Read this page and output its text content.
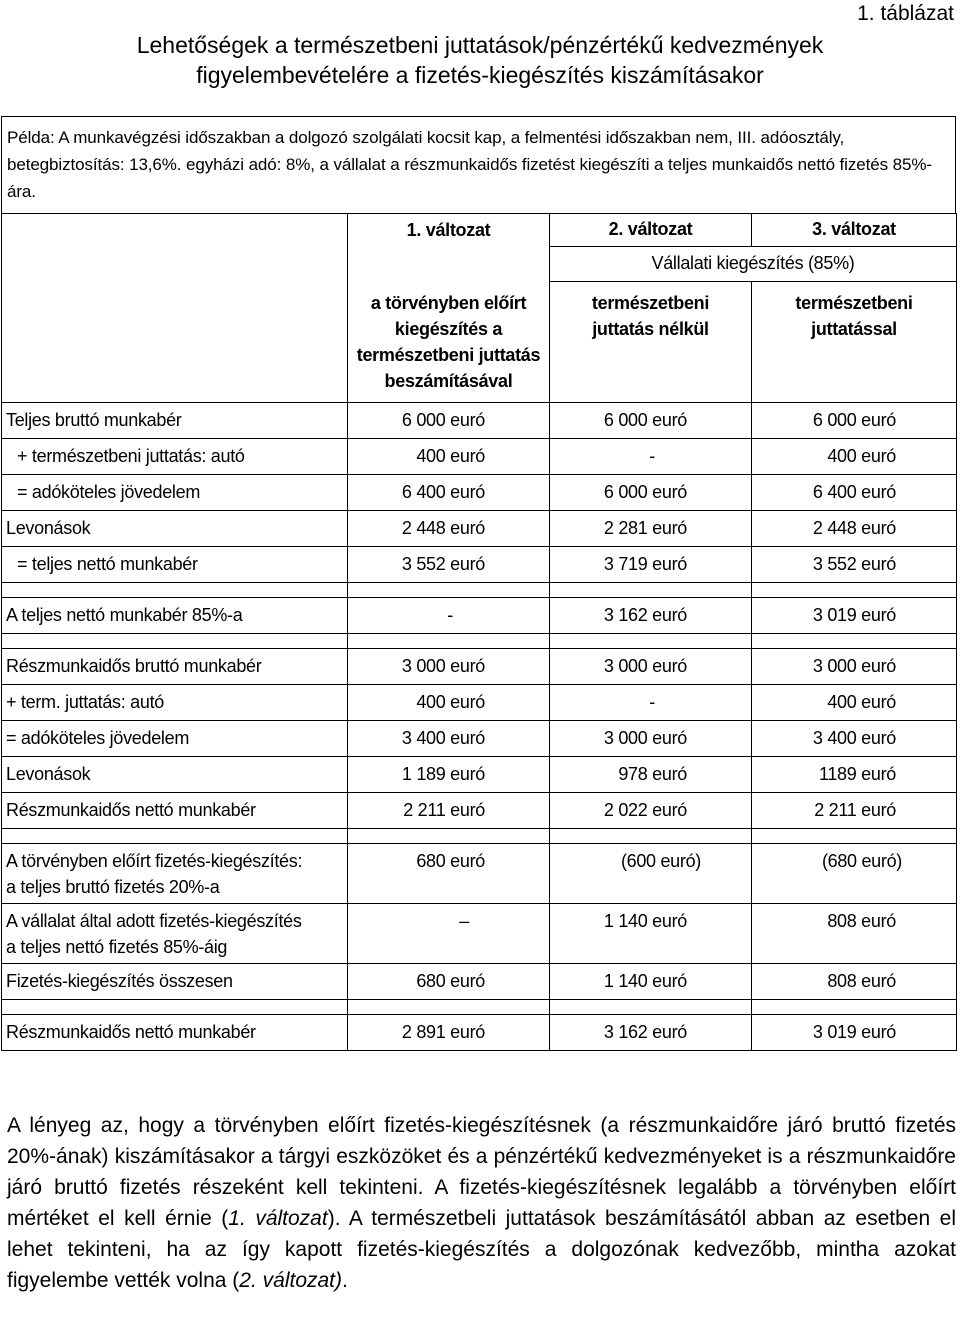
1. táblázat
Lehetőségek a természetbeni juttatások/pénzértékű kedvezmények
figyelembevételére a fizetés-kiegészítés kiszámításakor
Példa: A munkavégzési időszakban a dolgozó szolgálati kocsit kap, a felmentési időszakban nem, III. adóosztály, betegbiztosítás: 13,6%. egyházi adó: 8%, a vállalat a részmunkaidős fizetést kiegészíti a teljes munkaidős nettó fizetés 85%-ára.
	1. változat	2. változat	3. változat
	a törvényben előírt kiegészítés a természetbeni juttatás beszámításával	Vállalati kiegészítés (85%)	
		természetbeni juttatás nélkül	természetbeni juttatással
Teljes bruttó munkabér	6 000 euró	6 000 euró	6 000 euró
+ természetbeni juttatás: autó	400 euró	-	400 euró
= adóköteles jövedelem	6 400 euró	6 000 euró	6 400 euró
Levonások	2 448 euró	2 281 euró	2 448 euró
= teljes nettó munkabér	3 552 euró	3 719 euró	3 552 euró

A teljes nettó munkabér 85%-a	-	3 162 euró	3 019 euró

Részmunkaidős bruttó munkabér	3 000 euró	3 000 euró	3 000 euró
+ term. juttatás: autó	400 euró	-	400 euró
= adóköteles jövedelem	3 400 euró	3 000 euró	3 400 euró
Levonások	1 189 euró	978 euró	1189 euró
Részmunkaidős nettó munkabér	2 211 euró	2 022 euró	2 211 euró

A törvényben előírt fizetés-kiegészítés:
a teljes bruttó fizetés 20%-a	680 euró	(600 euró)	(680 euró)

A vállalat által adott fizetés-kiegészítés
a teljes nettó fizetés 85%-áig	–	1 140 euró	808 euró
Fizetés-kiegészítés összesen	680 euró	1 140 euró	808 euró

Részmunkaidős nettó munkabér	2 891 euró	3 162 euró	3 019 euró
A lényeg az, hogy a törvényben előírt fizetés-kiegészítésnek (a részmunkaidőre járó bruttó fizetés 20%-ának) kiszámításakor a tárgyi eszközöket és a pénzértékű kedvezményeket is a részmunkaidőre járó bruttó fizetés részeként kell tekinteni. A fizetés-kiegészítésnek legalább a törvényben előírt mértéket el kell érnie (1. változat). A természetbeli juttatások beszámításától abban az esetben el lehet tekinteni, ha az így kapott fizetés-kiegészítés a dolgozónak kedvezőbb, mintha azokat figyelembe vették volna (2. változat).
